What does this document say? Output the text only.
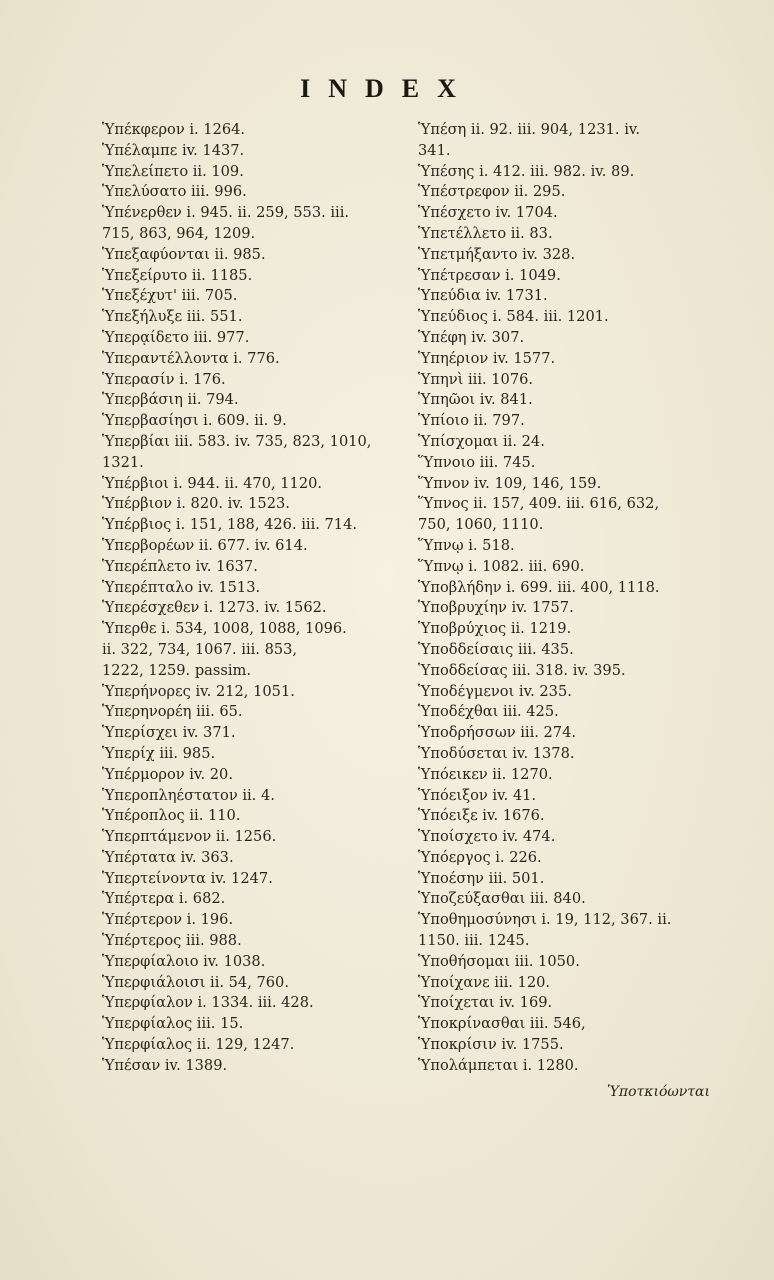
INDEX
Ὑπέκφερον i. 1264.
Ὑπέλαμπε iv. 1437.
Ὑπελείπετο ii. 109.
Ὑπελύσατο iii. 996.
Ὑπένερθεν i. 945. ii. 259, 553. iii.
715, 863, 964, 1209.
Ὑπεξαφύονται ii. 985.
Ὑπεξείρυτο ii. 1185.
Ὑπεξέχυτ' iii. 705.
Ὑπεξήλυξε iii. 551.
Ὑπερᾳίδετο iii. 977.
Ὑπεραντέλλοντα i. 776.
Ὑπερασίν i. 176.
Ὑπερβάσιη ii. 794.
Ὑπερβασίησι i. 609. ii. 9.
Ὑπερβίαι iii. 583. iv. 735, 823, 1010,
1321.
Ὑπέρβιοι i. 944. ii. 470, 1120.
Ὑπέρβιον i. 820. iv. 1523.
Ὑπέρβιος i. 151, 188, 426. iii. 714.
Ὑπερβορέων ii. 677. iv. 614.
Ὑπερέπλετο iv. 1637.
Ὑπερέπταλο iv. 1513.
Ὑπερέσχεθεν i. 1273. iv. 1562.
Ὑπερθε i. 534, 1008, 1088, 1096.
ii. 322, 734, 1067. iii. 853,
1222, 1259. passim.
Ὑπερήνορες iv. 212, 1051.
Ὑπερηνορέη iii. 65.
Ὑπερίσχει iv. 371.
Ὑπερίχ iii. 985.
Ὑπέρμορον iv. 20.
Ὑπεροπληέστατον ii. 4.
Ὑπέροπλος ii. 110.
Ὑπερπτάμενον ii. 1256.
Ὑπέρτατα iv. 363.
Ὑπερτείνοντα iv. 1247.
Ὑπέρτερα i. 682.
Ὑπέρτερον i. 196.
Ὑπέρτερος iii. 988.
Ὑπερφίαλοιο iv. 1038.
Ὑπερφιάλοισι ii. 54, 760.
Ὑπερφίαλον i. 1334. iii. 428.
Ὑπερφίαλος iii. 15.
Ὑπερφίαλος ii. 129, 1247.
Ὑπέσαν iv. 1389.
Ὑπέση ii. 92. iii. 904, 1231. iv.
341.
Ὑπέσης i. 412. iii. 982. iv. 89.
Ὑπέστρεφον ii. 295.
Ὑπέσχετο iv. 1704.
Ὑπετέλλετο ii. 83.
Ὑπετμήξαντο iv. 328.
Ὑπέτρεσαν i. 1049.
Ὑπεύδια iv. 1731.
Ὑπεύδιος i. 584. iii. 1201.
Ὑπέφη iv. 307.
Ὑπηέριον iv. 1577.
Ὑπηνὶ iii. 1076.
Ὑπηῶοι iv. 841.
Ὑπίοιο ii. 797.
Ὑπίσχομαι ii. 24.
Ὕπνοιο iii. 745.
Ὕπνον iv. 109, 146, 159.
Ὕπνος ii. 157, 409. iii. 616, 632,
750, 1060, 1110.
Ὕπνῳ i. 518.
Ὕπνῳ i. 1082. iii. 690.
Ὑποβλήδην i. 699. iii. 400, 1118.
Ὑποβρυχίην iv. 1757.
Ὑποβρύχιος ii. 1219.
Ὑποδδείσαις iii. 435.
Ὑποδδείσας iii. 318. iv. 395.
Ὑποδέγμενοι iv. 235.
Ὑποδέχθαι iii. 425.
Ὑποδρήσσων iii. 274.
Ὑποδύσεται iv. 1378.
Ὑπόεικεν ii. 1270.
Ὑπόειξον iv. 41.
Ὑπόειξε iv. 1676.
Ὑποίσχετο iv. 474.
Ὑπόεργος i. 226.
Ὑποέσην iii. 501.
Ὑποζεύξασθαι iii. 840.
Ὑποθημοσύνησι i. 19, 112, 367. ii.
1150. iii. 1245.
Ὑποθήσομαι iii. 1050.
Ὑποίχανε iii. 120.
Ὑποίχεται iv. 169.
Ὑποκρίνασθαι iii. 546,
Ὑποκρίσιν iv. 1755.
Ὑπολάμπεται i. 1280.
Ὑποτκιόωνται
